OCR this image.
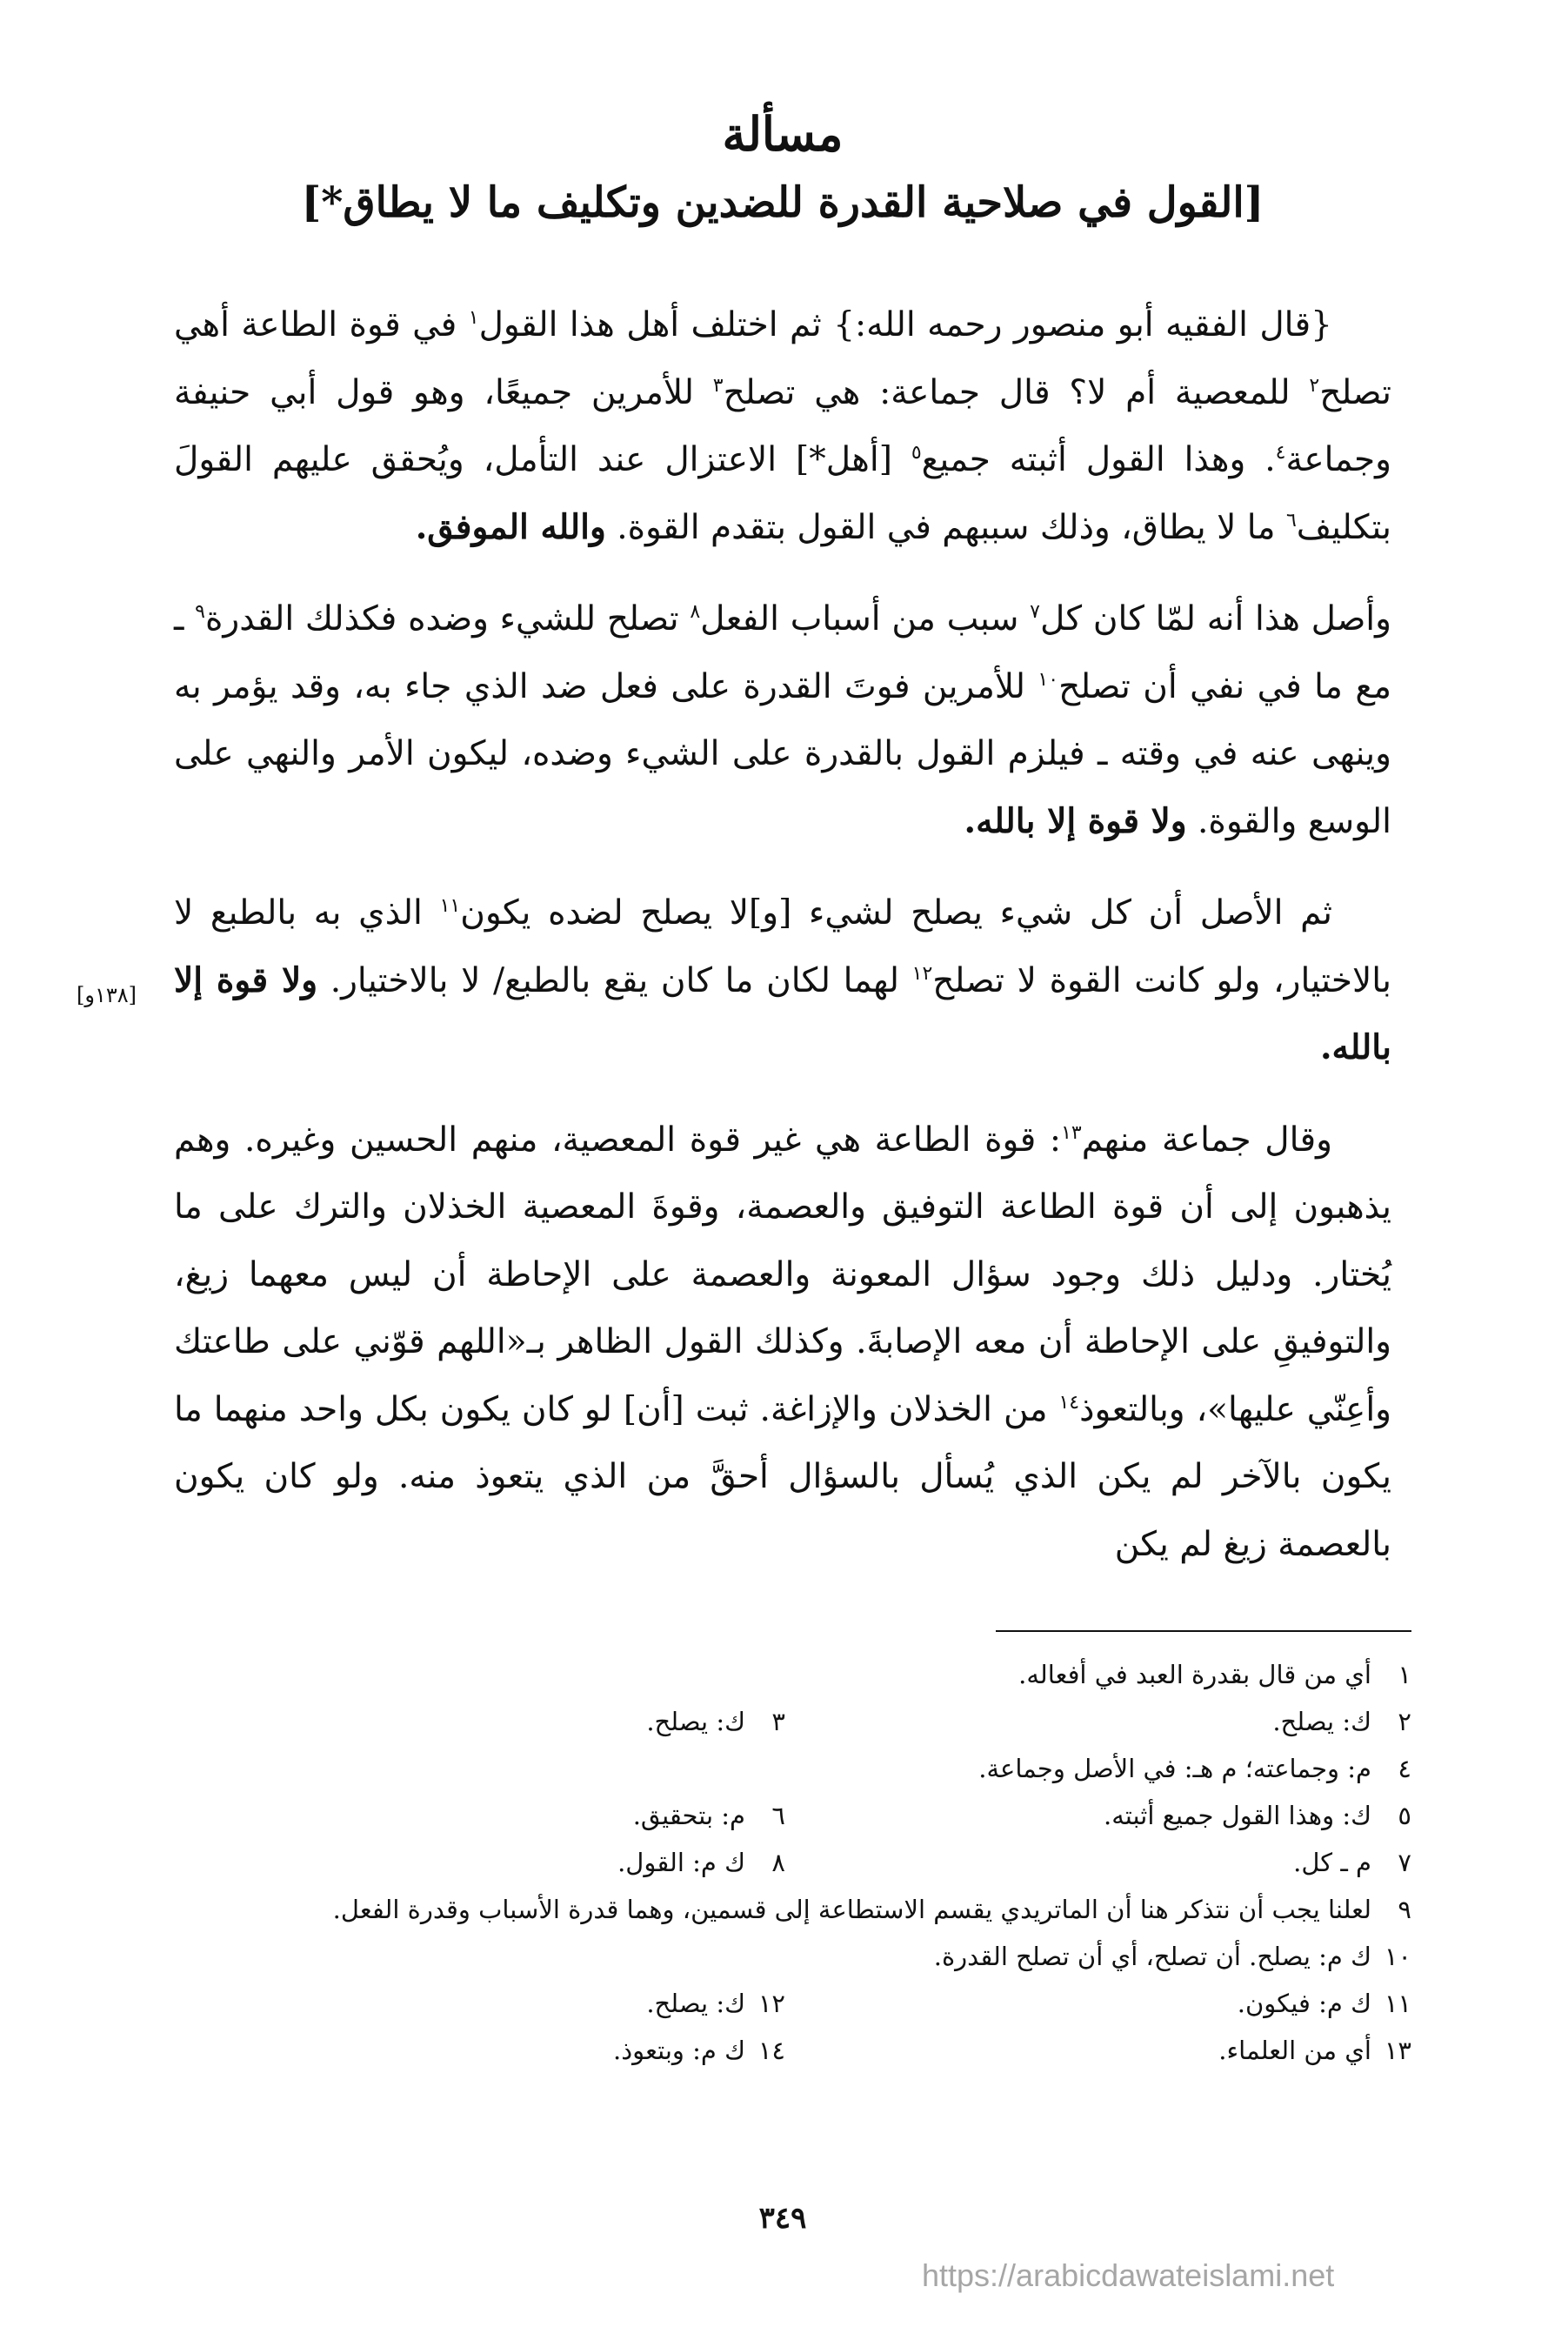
مسألة
[القول في صلاحية القدرة للضدين وتكليف ما لا يطاق*]

{قال الفقيه أبو منصور رحمه الله:} ثم اختلف أهل هذا القول$^١$ في قوة الطاعة أهي تصلح$^٢$ للمعصية أم لا؟ قال جماعة: هي تصلح$^٣$ للأمرين جميعًا، وهو قول أبي حنيفة وجماعة$^٤$. وهذا القول أثبته جميع$^٥$ [أهل*] الاعتزال عند التأمل، ويُحقق عليهم القولَ بتكليف$^٦$ ما لا يطاق، وذلك سببهم في القول بتقدم القوة. والله الموفق.

وأصل هذا أنه لمّا كان كل$^٧$ سبب من أسباب الفعل$^٨$ تصلح للشيء وضده فكذلك القدرة$^٩$ ـ مع ما في نفي أن تصلح$^{١٠}$ للأمرين فوتَ القدرة على فعل ضد الذي جاء به، وقد يؤمر به وينهى عنه في وقته ـ فيلزم القول بالقدرة على الشيء وضده، ليكون الأمر والنهي على الوسع والقوة. ولا قوة إلا بالله.

ثم الأصل أن كل شيء يصلح لشيء [و]لا يصلح لضده يكون$^{١١}$ الذي به بالطبع لا بالاختيار، ولو كانت القوة لا تصلح$^{١٢}$ لهما لكان ما كان يقع بالطبع/ لا بالاختيار. ولا قوة إلا بالله.

وقال جماعة منهم$^{١٣}$: قوة الطاعة هي غير قوة المعصية، منهم الحسين وغيره. وهم يذهبون إلى أن قوة الطاعة التوفيق والعصمة، وقوةَ المعصية الخذلان والترك على ما يُختار. ودليل ذلك وجود سؤال المعونة والعصمة على الإحاطة أن ليس معهما زيغ، والتوفيقِ على الإحاطة أن معه الإصابةَ. وكذلك القول الظاهر بـ«اللهم قوّني على طاعتك وأعِنّي عليها»، وبالتعوذ$^{١٤}$ من الخذلان والإزاغة. ثبت [أن] لو كان يكون بكل واحد منهما ما يكون بالآخر لم يكن الذي يُسأل بالسؤال أحقَّ من الذي يتعوذ منه. ولو كان يكون بالعصمة زيغ لم يكن

[١٣٨و]
١
أي من قال بقدرة العبد في أفعاله.
٢
ك: يصلح.
٣
ك: يصلح.
٤
م: وجماعته؛ م هـ: في الأصل وجماعة.
٥
ك: وهذا القول جميع أثبته.
٦
م: بتحقيق.
٧
م ـ كل.
٨
ك م: القول.
٩
لعلنا يجب أن نتذكر هنا أن الماتريدي يقسم الاستطاعة إلى قسمين، وهما قدرة الأسباب وقدرة الفعل.
١٠
ك م: يصلح. أن تصلح، أي أن تصلح القدرة.
١١
ك م: فيكون.
١٢
ك: يصلح.
١٣
أي من العلماء.
١٤
ك م: وبتعوذ.
٣٤٩
https://arabicdawateislami.net
